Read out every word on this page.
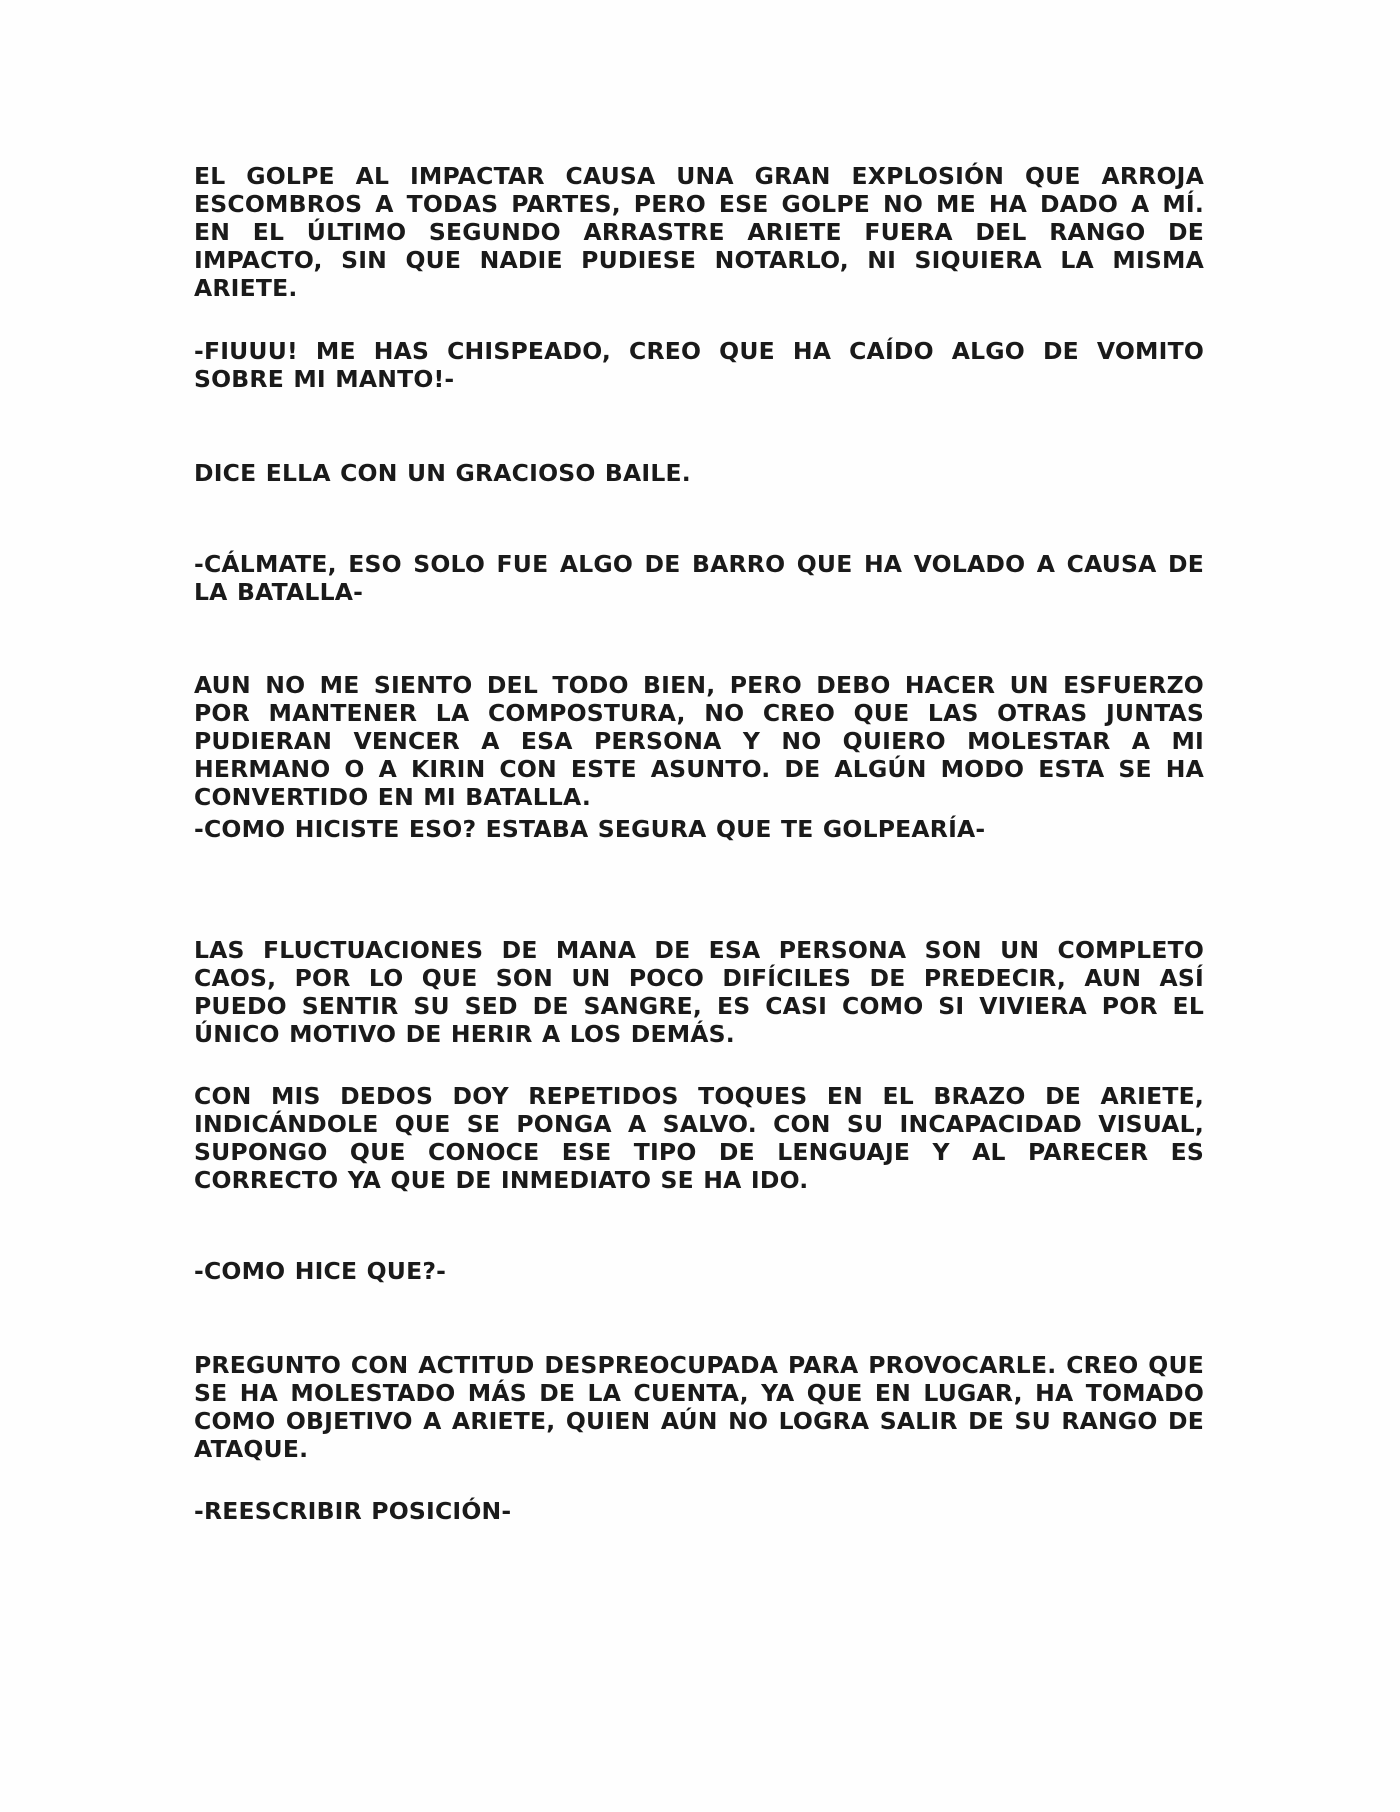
EL GOLPE AL IMPACTAR CAUSA UNA GRAN EXPLOSIÓN QUE ARROJA ESCOMBROS A TODAS PARTES, PERO ESE GOLPE NO ME HA DADO A MÍ. EN EL ÚLTIMO SEGUNDO ARRASTRE ARIETE FUERA DEL RANGO DE IMPACTO, SIN QUE NADIE PUDIESE NOTARLO, NI SIQUIERA LA MISMA ARIETE.

-FIUUU! ME HAS CHISPEADO, CREO QUE HA CAÍDO ALGO DE VOMITO SOBRE MI MANTO!-

DICE ELLA CON UN GRACIOSO BAILE.

-CÁLMATE, ESO SOLO FUE ALGO DE BARRO QUE HA VOLADO A CAUSA DE LA BATALLA-

AUN NO ME SIENTO DEL TODO BIEN, PERO DEBO HACER UN ESFUERZO POR MANTENER LA COMPOSTURA, NO CREO QUE LAS OTRAS JUNTAS PUDIERAN VENCER A ESA PERSONA Y NO QUIERO MOLESTAR A MI HERMANO O A KIRIN CON ESTE ASUNTO. DE ALGÚN MODO ESTA SE HA CONVERTIDO EN MI BATALLA.

-COMO HICISTE ESO? ESTABA SEGURA QUE TE GOLPEARÍA-

LAS FLUCTUACIONES DE MANA DE ESA PERSONA SON UN COMPLETO CAOS, POR LO QUE SON UN POCO DIFÍCILES DE PREDECIR, AUN ASÍ PUEDO SENTIR SU SED DE SANGRE, ES CASI COMO SI VIVIERA POR EL ÚNICO MOTIVO DE HERIR A LOS DEMÁS.

CON MIS DEDOS DOY REPETIDOS TOQUES EN EL BRAZO DE ARIETE, INDICÁNDOLE QUE SE PONGA A SALVO. CON SU INCAPACIDAD VISUAL, SUPONGO QUE CONOCE ESE TIPO DE LENGUAJE Y AL PARECER ES CORRECTO YA QUE DE INMEDIATO SE HA IDO.

-COMO HICE QUE?-

PREGUNTO CON ACTITUD DESPREOCUPADA PARA PROVOCARLE. CREO QUE SE HA MOLESTADO MÁS DE LA CUENTA, YA QUE EN LUGAR, HA TOMADO COMO OBJETIVO A ARIETE, QUIEN AÚN NO LOGRA SALIR DE SU RANGO DE ATAQUE.

-REESCRIBIR POSICIÓN-
